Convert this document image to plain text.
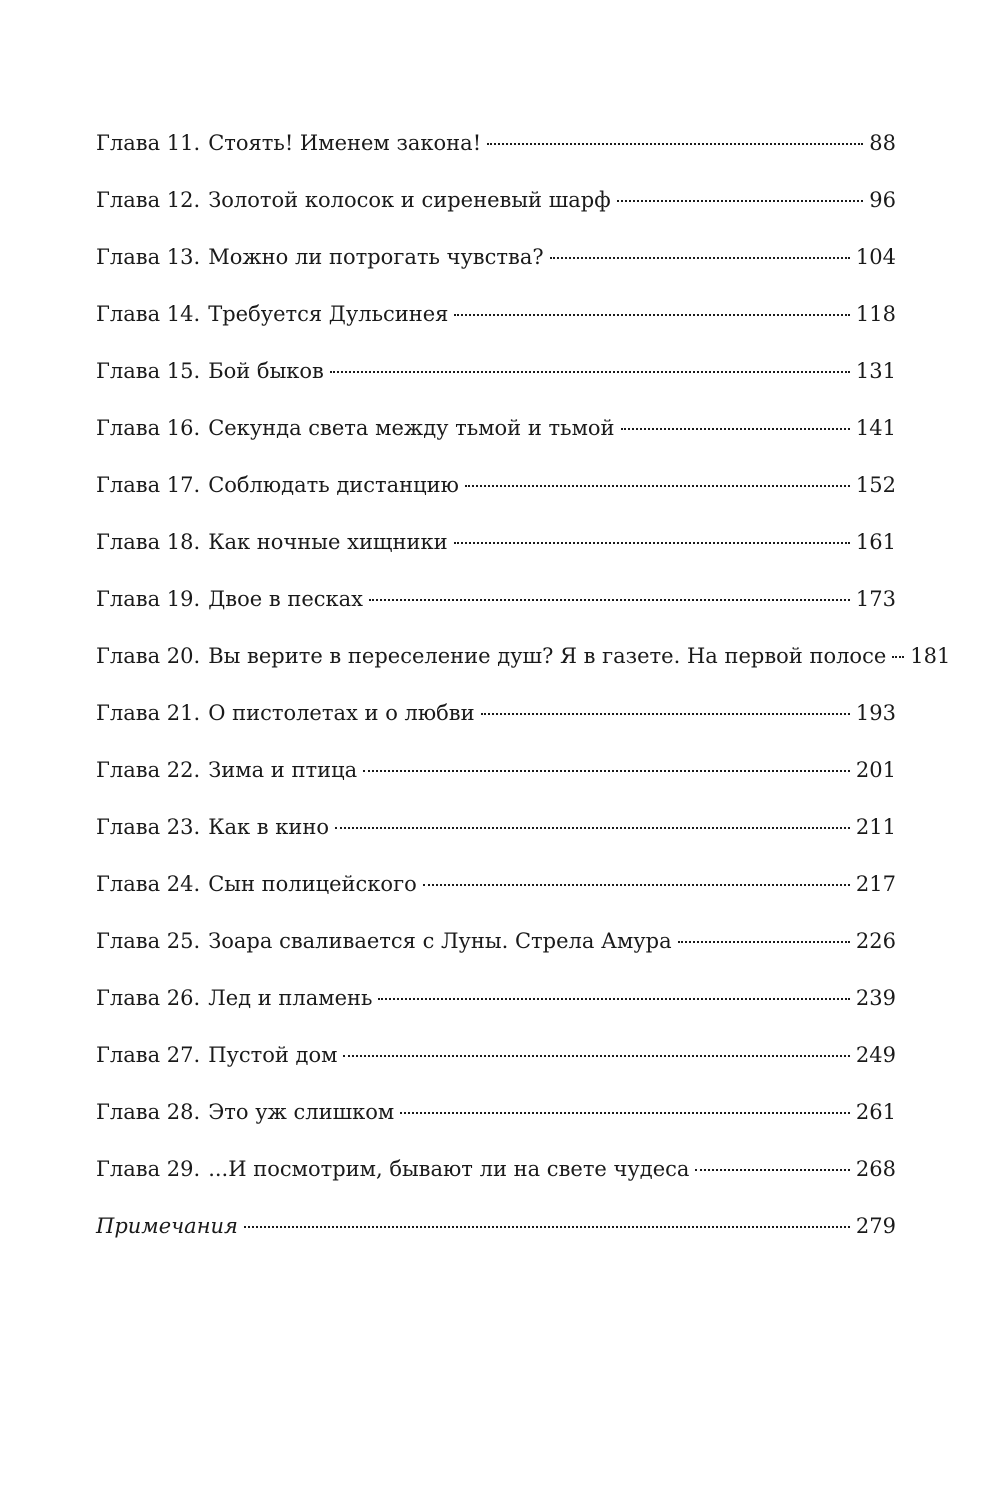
Глава 11. Стоять! Именем закона!	88
Глава 12. Золотой колосок и сиреневый шарф	96
Глава 13. Можно ли потрогать чувства?	104
Глава 14. Требуется Дульсинея	118
Глава 15. Бой быков	131
Глава 16. Секунда света между тьмой и тьмой	141
Глава 17. Соблюдать дистанцию	152
Глава 18. Как ночные хищники	161
Глава 19. Двое в песках	173
Глава 20. Вы верите в переселение душ? Я в газете. На первой полосе 181
Глава 21. О пистолетах и о любви	193
Глава 22. Зима и птица	201
Глава 23. Как в кино	211
Глава 24. Сын полицейского	217
Глава 25. Зоара сваливается с Луны. Стрела Амура	226
Глава 26. Лед и пламень	239
Глава 27. Пустой дом	249
Глава 28. Это уж слишком	261
Глава 29. ...И посмотрим, бывают ли на свете чудеса	268
Примечания	279
